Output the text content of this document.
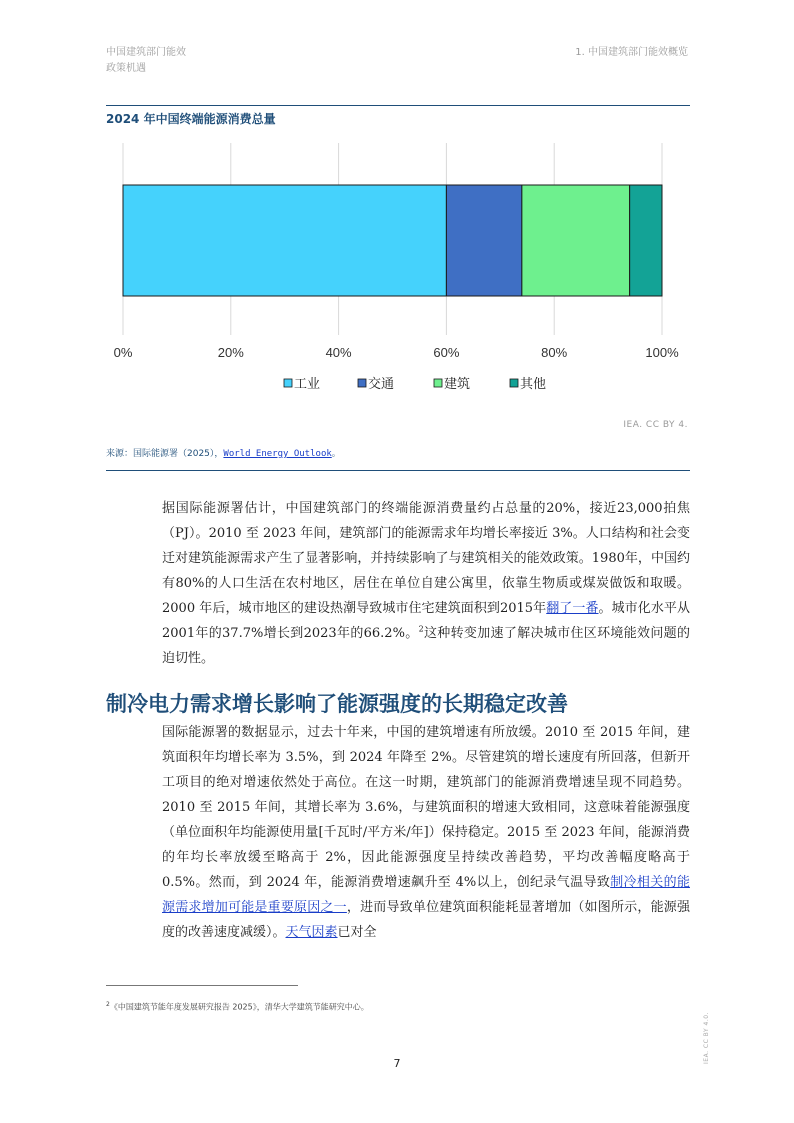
中国建筑部门能效
政策机遇
1. 中国建筑部门能效概览
2024 年中国终端能源消费总量
0%	20%	40%	60%	80%	100%
工业	交通	建筑	其他
IEA. CC BY 4.
来源：国际能源署（2025），World Energy Outlook。
据国际能源署估计，中国建筑部门的终端能源消费量约占总量的20%，接近23,000拍焦（PJ）。2010 至 2023 年间，建筑部门的能源需求年均增长率接近 3%。人口结构和社会变迁对建筑能源需求产生了显著影响，并持续影响了与建筑相关的能效政策。1980年，中国约有80%的人口生活在农村地区，居住在单位自建公寓里，依靠生物质或煤炭做饭和取暖。2000 年后，城市地区的建设热潮导致城市住宅建筑面积到2015年翻了一番。城市化水平从2001年的37.7%增长到2023年的66.2%。$^2$这种转变加速了解决城市住区环境能效问题的迫切性。
制冷电力需求增长影响了能源强度的长期稳定改善
国际能源署的数据显示，过去十年来，中国的建筑增速有所放缓。2010 至 2015 年间，建筑面积年均增长率为 3.5%，到 2024 年降至 2%。尽管建筑的增长速度有所回落，但新开工项目的绝对增速依然处于高位。在这一时期，建筑部门的能源消费增速呈现不同趋势。2010 至 2015 年间，其增长率为 3.6%，与建筑面积的增速大致相同，这意味着能源强度（单位面积年均能源使用量[千瓦时/平方米/年]）保持稳定。2015 至 2023 年间，能源消费的年均长率放缓至略高于 2%，因此能源强度呈持续改善趋势，平均改善幅度略高于 0.5%。然而，到 2024 年，能源消费增速飙升至 4%以上，创纪录气温导致制冷相关的能源需求增加可能是重要原因之一，进而导致单位建筑面积能耗显著增加（如图所示，能源强度的改善速度减缓）。天气因素已对全
$^2$《中国建筑节能年度发展研究报告 2025》，清华大学建筑节能研究中心。
7	IEA. CC BY 4.0.
